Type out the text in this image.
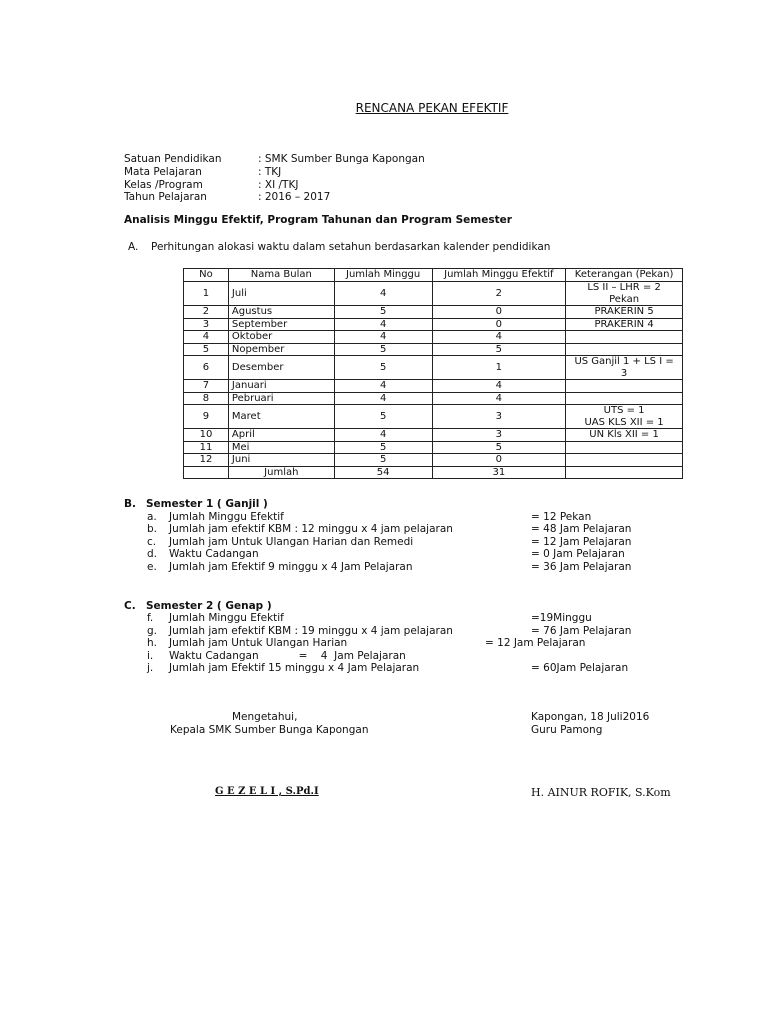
RENCANA PEKAN EFEKTIF
Satuan Pendidikan	: SMK Sumber Bunga Kapongan
Mata Pelajaran	: TKJ
Kelas /Program	: XI /TKJ
Tahun Pelajaran	: 2016 – 2017
Analisis Minggu Efektif, Program Tahunan dan Program Semester
A. Perhitungan alokasi waktu dalam setahun berdasarkan kalender pendidikan
No	Nama Bulan	Jumlah Minggu	Jumlah Minggu Efektif	Keterangan (Pekan)
1	Juli	4	2	LS II – LHR = 2 Pekan
2	Agustus	5	0	PRAKERIN 5
3	September	4	0	PRAKERIN 4
4	Oktober	4	4	
5	Nopember	5	5	
6	Desember	5	1	US Ganjil 1 + LS I = 3
7	Januari	4	4	
8	Pebruari	4	4	
9	Maret	5	3	UTS = 1
UAS KLS XII = 1

10	April	4	3	UN Kls XII = 1
11	Mei	5	5	
12	Juni	5	0	
	Jumlah	54	31	
B. Semester 1 ( Ganjil )
a. Jumlah Minggu Efektif	= 12 Pekan
b. Jumlah jam efektif KBM : 12 minggu x 4 jam pelajaran	= 48 Jam Pelajaran
c. Jumlah jam Untuk Ulangan Harian dan Remedi	= 12 Jam Pelajaran
d. Waktu Cadangan	= 0 Jam Pelajaran
e. Jumlah jam Efektif 9 minggu x 4 Jam Pelajaran	= 36 Jam Pelajaran
C. Semester 2 ( Genap )
f. Jumlah Minggu Efektif	=19Minggu
g. Jumlah jam efektif KBM : 19 minggu x 4 jam pelajaran	= 76 Jam Pelajaran
h. Jumlah jam Untuk Ulangan Harian	= 12 Jam Pelajaran
i. Waktu Cadangan            =    4  Jam Pelajaran
j. Jumlah jam Efektif 15 minggu x 4 Jam Pelajaran	= 60Jam Pelajaran
Mengetahui,
Kepala SMK Sumber Bunga Kapongan
Kapongan, 18 Juli2016
Guru Pamong
G E Z E L I , S.Pd.I	H. AINUR ROFIK, S.Kom
